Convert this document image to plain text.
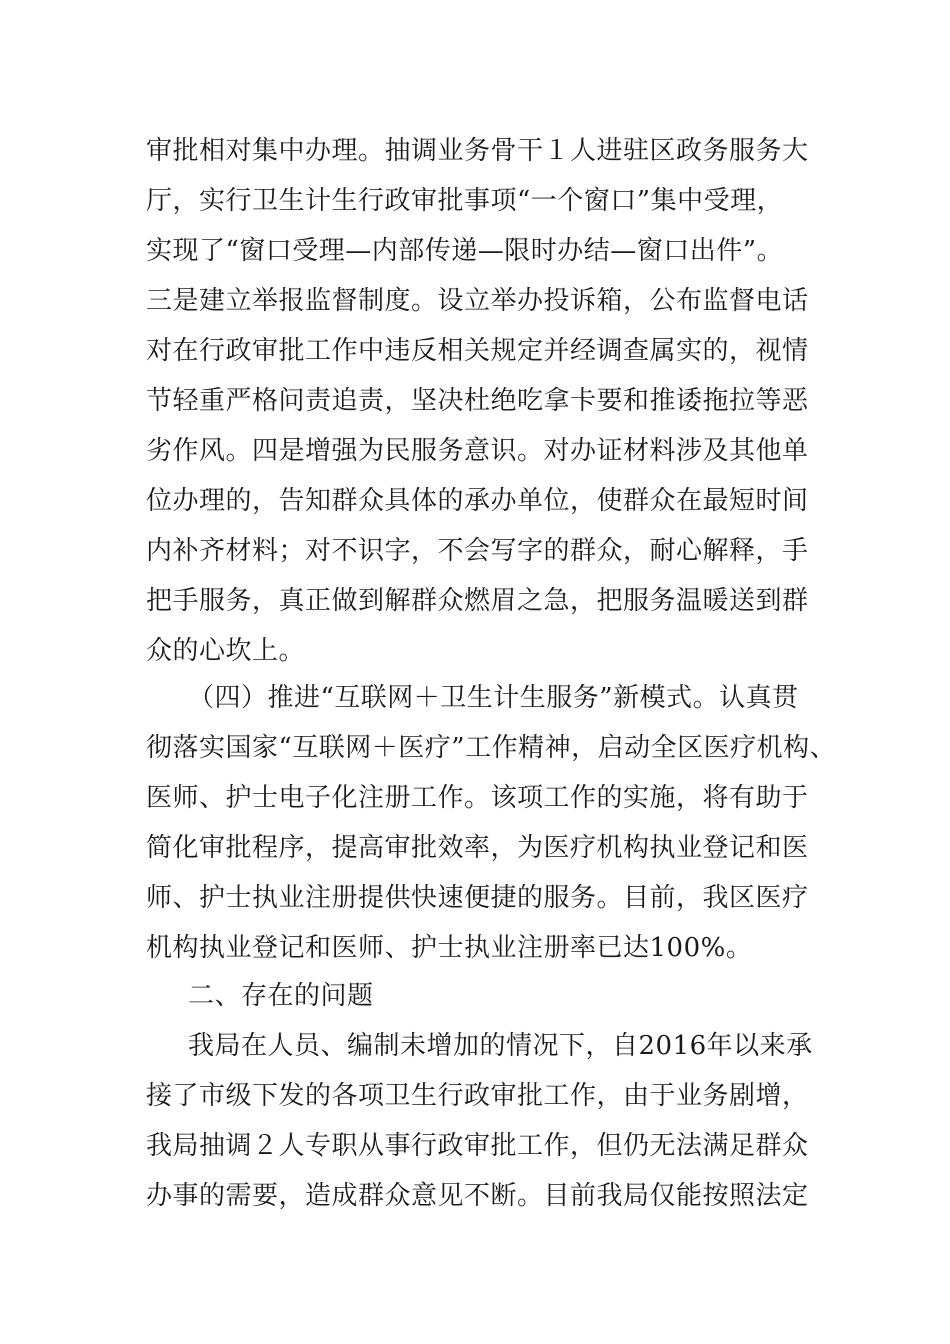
审批相对集中办理。抽调业务骨干１人进驻区政务服务大
厅，实行卫生计生行政审批事项“一个窗口”集中受理，
实现了“窗口受理—内部传递—限时办结—窗口出件”。
三是建立举报监督制度。设立举办投诉箱，公布监督电话
对在行政审批工作中违反相关规定并经调查属实的，视情
节轻重严格问责追责，坚决杜绝吃拿卡要和推诿拖拉等恶
劣作风。四是增强为民服务意识。对办证材料涉及其他单
位办理的，告知群众具体的承办单位，使群众在最短时间
内补齐材料；对不识字，不会写字的群众，耐心解释，手
把手服务，真正做到解群众燃眉之急，把服务温暖送到群
众的心坎上。
（四）推进“互联网＋卫生计生服务”新模式。认真贯
彻落实国家“互联网＋医疗”工作精神，启动全区医疗机构、
医师、护士电子化注册工作。该项工作的实施，将有助于
简化审批程序，提高审批效率，为医疗机构执业登记和医
师、护士执业注册提供快速便捷的服务。目前，我区医疗
机构执业登记和医师、护士执业注册率已达100%。
二、存在的问题
我局在人员、编制未增加的情况下，自2016年以来承
接了市级下发的各项卫生行政审批工作，由于业务剧增，
我局抽调２人专职从事行政审批工作，但仍无法满足群众
办事的需要，造成群众意见不断。目前我局仅能按照法定
